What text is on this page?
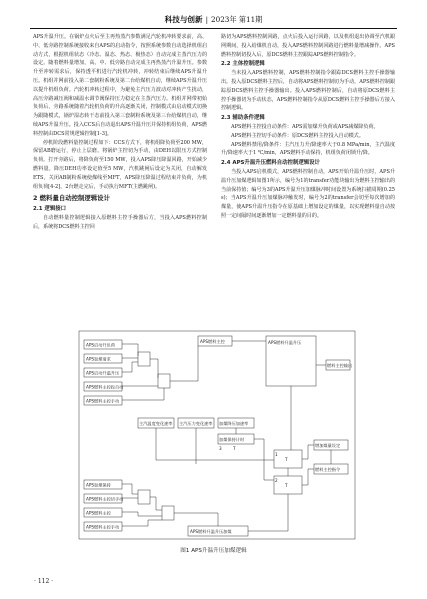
科技与创新 | 2023年 第11期

APS升温升压。在锅炉点火后至主再热蒸汽参数满足汽轮机冲转要求前，高、中、低旁路控制系统接收来自APS的启动指令，按照系统参数自动选择机组启动方式，根据机组状态（冷态、温态、热态、极热态）自动完成主蒸汽压力的设定。随着燃料量增加，高、中、低旁路自动完成主再热蒸汽升温升压。参数升至冲转需求后，保持透平机进行汽轮机冲转，冲转结束后继续APS升温升压。机组并网前投入第二套制粉系统及第二台给煤机自动，继续APS升温升压以提升机组负荷。汽轮机冲转过程中，为避免主汽压力波动对冲转产生扰动，高压旁路减压阀和减温水调节阀保持压力稳定在主蒸汽压力。机组并网带初始负荷后，旁路系统随着汽轮机负荷的升高逐渐关闭，控制模式由启动模式切换为跟随模式，锅炉湿态转干态前投入第三套制粉系统及第三台给煤机自动，继续APS升温升压。投入CCS后自动退出APS升温升压并保持机组负荷，APS燃料控制由DCS常规逻辑控制[1-3]。

停机阶段燃料量控制过程如下：CCS方式下，将机组降负荷至200 MW，保留AB磨运行，停止上层磨。将锅炉主控切为手动，由DEH以限压方式控制负荷。打开旁路后，将降负荷至150 MW，投入APS降压降温回路，开始减少燃料量。降压DEH功率设定值至5 MW，汽机跳闸后设定为关闭，自动解发ETS，关闭AB制粉系统使煤线至MFT，APS降压降温过程结束并负荷，为机组负荷[4-2]，2台燃走完后，手动执行MFT(主燃跳闸)。

2 燃料量自动控制逻辑设计
2.1 逻辑接口

自动燃料量控制逻辑接入原燃料主控手操器后方，当投入APS燃料控制后，系统将DCS燃料主控回

路切为APS燃料控制回路，点火后投入运行回路，以及机组退出协调至汽机跟网期间，投入给煤机自动，投入APS燃料控制回路进行燃料量增减操作。APS燃料控制切投入后，原DCS燃料主控跟踪APS燃料控制指令。

2.2 主体控制逻辑

当未投入APS燃料控制，APS燃料控制指令跟踪DCS燃料主控手操器输出。投入原DCS燃料主控后，自动将APS燃料控制切为手动，APS燃料控制跟踪原DCS燃料主控手操器输出。投入APS燃料控制后，自动将原DCS燃料主控手操器切为手动状态，APS燃料控制指令从原DCS燃料主控手操器后方接入控制逻辑。

2.3 辅助条件逻辑

APS燃料主控投自动条件：APS需加煤升负荷或APS减煤降负荷。

APS燃料主控切手动条件：原DCS燃料主控投入自动模式。

APS燃料禁用/降条件：主汽压力升/降速率大于0.8 MPa/min，主汽温度升/降速率大于1 ℃/min，APS燃料手动保持，机组负荷闭锁升/降。

2.4 APS升温升压燃料自动控制逻辑设计

当投入APS启机模式，APS燃料控制自动，APS开始升温升压时，APS升温升压加煤逻辑如图1所示，编号为1的transfer功能块输出为燃料主控输出的当前保持值；编号为3的APS升温升压加煤脉冲时间设置为系统扫描周期(0.25 s)；当APS升温升压加煤脉冲触发时，编号为2的transfer会切至每次增加的煤量，使APS升温升压指令在原基础上增加设定的煤量，以实现燃料量自动按照一定间隔时间逐渐增加一定燃料量的目的。

APS启动升负荷
APS加煤请求
APS启动升温升压
APS燃料主控投自动
APS燃料主控手动
APS燃料主控	APS燃料升温升压
燃料主控输出
主汽温度变化速率 主汽压力变化速率 加煤降压加速率
加煤保持计时
增加煤量设定
燃料主控指令
APS加煤保持
APS燃料主控切手动
APS燃料主控
APS燃料主控手动
APS燃料升温升压加煤
T
T
T
1
2
3
图1 APS升温升压加煤逻辑
· 112 ·
